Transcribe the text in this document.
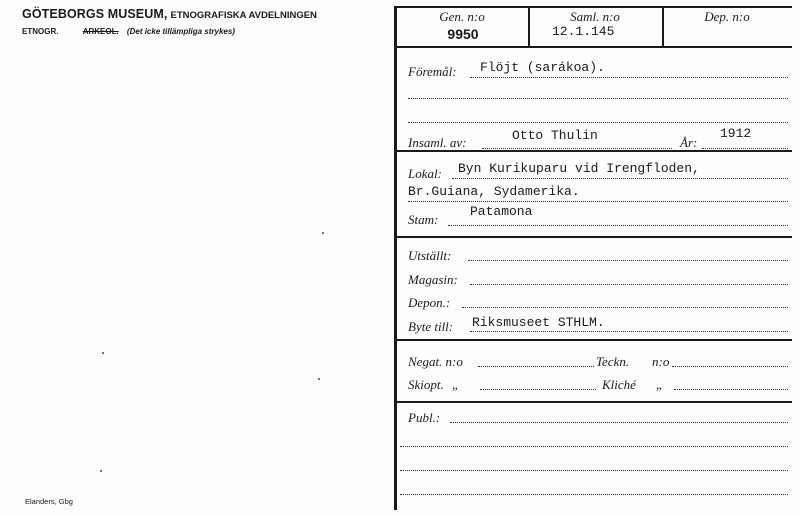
GÖTEBORGS MUSEUM, ETNOGRAFISKA AVDELNINGEN
ETNOGR.	ARKEOL. (Det icke tillämpliga strykes)
Elanders, Gbg
Gen. n:o
9950
Saml. n:o
12.1.145
Dep. n:o
Föremål: Flöjt (sarákoa).
Insaml. av:	Otto Thulin	År:
1912
Lokal: Byn Kurikuparu vid Irengfloden,
Br.Guiana, Sydamerika.
Stam:
Patamona
Utställt:
Magasin:
Depon.:
Byte till: Riksmuseet STHLM.
Negat. n:o	Teckn. n:o
Skiopt. „	Kliché „
Publ.:
